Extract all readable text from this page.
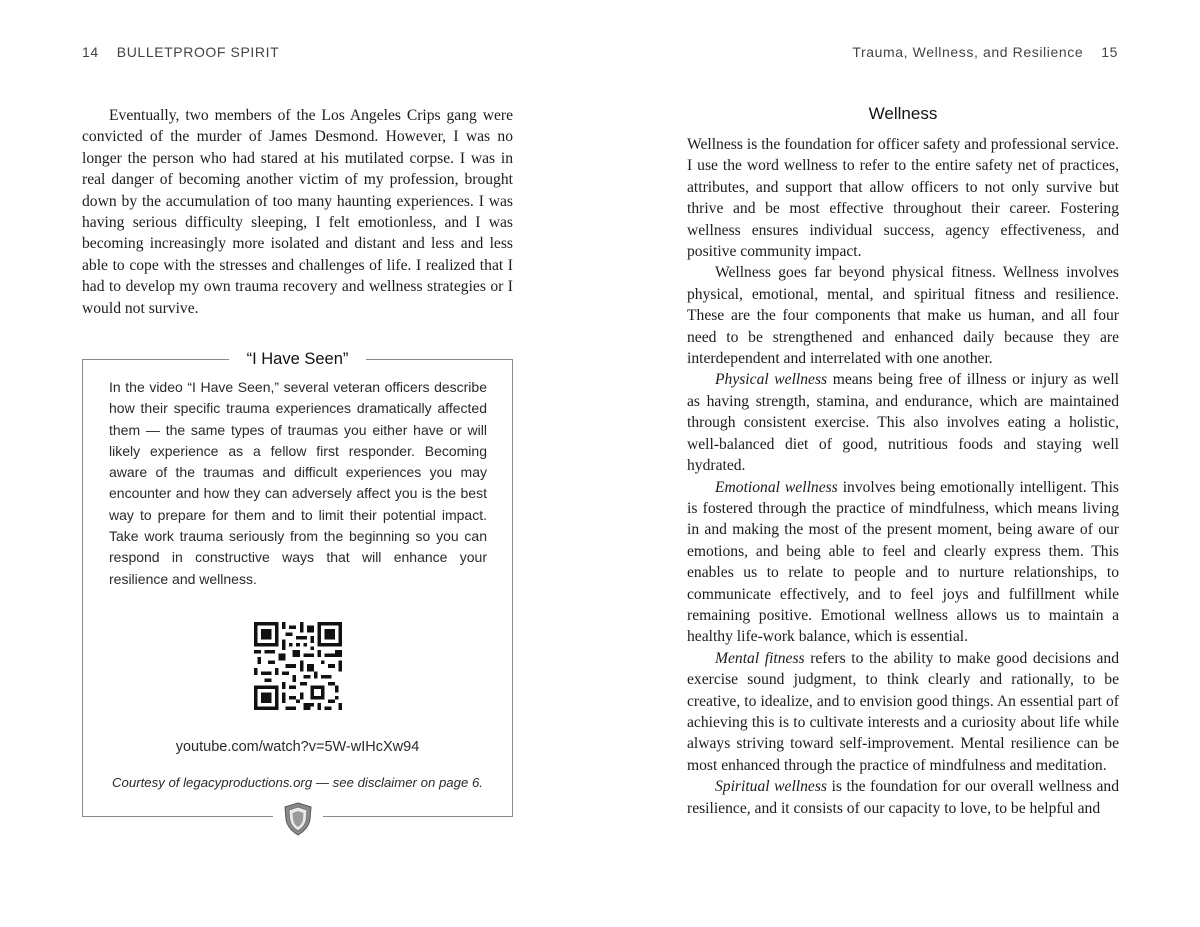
14 BULLETPROOF SPIRIT

Eventually, two members of the Los Angeles Crips gang were convicted of the murder of James Desmond. However, I was no longer the person who had stared at his mutilated corpse. I was in real danger of becoming another victim of my profession, brought down by the accumulation of too many haunting experiences. I was having serious difficulty sleeping, I felt emotionless, and I was becoming increasingly more isolated and distant and less and less able to cope with the stresses and challenges of life. I realized that I had to develop my own trauma recovery and wellness strategies or I would not survive.

“I Have Seen”

In the video “I Have Seen,” several veteran officers describe how their specific trauma experiences dramatically affected them — the same types of traumas you either have or will likely experience as a fellow first responder. Becoming aware of the traumas and difficult experiences you may encounter and how they can adversely affect you is the best way to prepare for them and to limit their potential impact. Take work trauma seriously from the beginning so you can respond in constructive ways that will enhance your resilience and wellness.

youtube.com/watch?v=5W-wIHcXw94
Courtesy of legacyproductions.org — see disclaimer on page 6.
Trauma, Wellness, and Resilience 15
Wellness

Wellness is the foundation for officer safety and professional service. I use the word wellness to refer to the entire safety net of practices, attributes, and support that allow officers to not only survive but thrive and be most effective throughout their career. Fostering wellness ensures individual success, agency effectiveness, and positive community impact.

Wellness goes far beyond physical fitness. Wellness involves physical, emotional, mental, and spiritual fitness and resilience. These are the four components that make us human, and all four need to be strengthened and enhanced daily because they are interdependent and interrelated with one another.

Physical wellness means being free of illness or injury as well as having strength, stamina, and endurance, which are maintained through consistent exercise. This also involves eating a holistic, well-balanced diet of good, nutritious foods and staying well hydrated.

Emotional wellness involves being emotionally intelligent. This is fostered through the practice of mindfulness, which means living in and making the most of the present moment, being aware of our emotions, and being able to feel and clearly express them. This enables us to relate to people and to nurture relationships, to communicate effectively, and to feel joys and fulfillment while remaining positive. Emotional wellness allows us to maintain a healthy life-work balance, which is essential.

Mental fitness refers to the ability to make good decisions and exercise sound judgment, to think clearly and rationally, to be creative, to idealize, and to envision good things. An essential part of achieving this is to cultivate interests and a curiosity about life while always striving toward self-improvement. Mental resilience can be most enhanced through the practice of mindfulness and meditation.

Spiritual wellness is the foundation for our overall wellness and resilience, and it consists of our capacity to love, to be helpful and
